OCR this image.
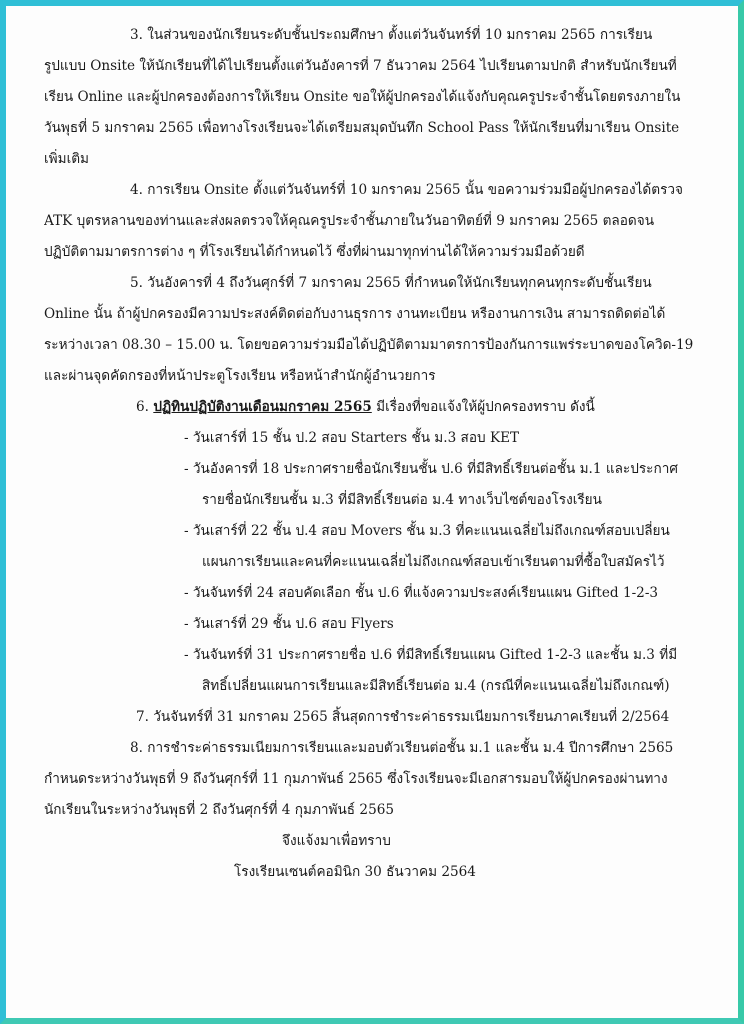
3. ในส่วนของนักเรียนระดับชั้นประถมศึกษา ตั้งแต่วันจันทร์ที่ 10 มกราคม 2565 การเรียน
รูปแบบ Onsite ให้นักเรียนที่ได้ไปเรียนตั้งแต่วันอังคารที่ 7 ธันวาคม 2564 ไปเรียนตามปกติ สำหรับนักเรียนที่
เรียน Online และผู้ปกครองต้องการให้เรียน Onsite ขอให้ผู้ปกครองได้แจ้งกับคุณครูประจำชั้นโดยตรงภายใน
วันพุธที่ 5 มกราคม 2565 เพื่อทางโรงเรียนจะได้เตรียมสมุดบันทึก School Pass ให้นักเรียนที่มาเรียน Onsite
เพิ่มเติม
4. การเรียน Onsite ตั้งแต่วันจันทร์ที่ 10 มกราคม 2565 นั้น ขอความร่วมมือผู้ปกครองได้ตรวจ
ATK บุตรหลานของท่านและส่งผลตรวจให้คุณครูประจำชั้นภายในวันอาทิตย์ที่ 9 มกราคม 2565 ตลอดจน
ปฏิบัติตามมาตรการต่าง ๆ ที่โรงเรียนได้กำหนดไว้ ซึ่งที่ผ่านมาทุกท่านได้ให้ความร่วมมือด้วยดี
5. วันอังคารที่ 4 ถึงวันศุกร์ที่ 7 มกราคม 2565 ที่กำหนดให้นักเรียนทุกคนทุกระดับชั้นเรียน
Online นั้น ถ้าผู้ปกครองมีความประสงค์ติดต่อกับงานธุรการ งานทะเบียน หรืองานการเงิน สามารถติดต่อได้
ระหว่างเวลา 08.30 – 15.00 น. โดยขอความร่วมมือได้ปฏิบัติตามมาตรการป้องกันการแพร่ระบาดของโควิด-19
และผ่านจุดคัดกรองที่หน้าประตูโรงเรียน หรือหน้าสำนักผู้อำนวยการ
6. ปฏิทินปฏิบัติงานเดือนมกราคม 2565 มีเรื่องที่ขอแจ้งให้ผู้ปกครองทราบ ดังนี้
- วันเสาร์ที่ 15 ชั้น ป.2 สอบ Starters ชั้น ม.3 สอบ KET
- วันอังคารที่ 18 ประกาศรายชื่อนักเรียนชั้น ป.6 ที่มีสิทธิ์เรียนต่อชั้น ม.1 และประกาศ
รายชื่อนักเรียนชั้น ม.3 ที่มีสิทธิ์เรียนต่อ ม.4 ทางเว็บไซต์ของโรงเรียน
- วันเสาร์ที่ 22 ชั้น ป.4 สอบ Movers ชั้น ม.3 ที่คะแนนเฉลี่ยไม่ถึงเกณฑ์สอบเปลี่ยน
แผนการเรียนและคนที่คะแนนเฉลี่ยไม่ถึงเกณฑ์สอบเข้าเรียนตามที่ซื้อใบสมัครไว้
- วันจันทร์ที่ 24 สอบคัดเลือก ชั้น ป.6 ที่แจ้งความประสงค์เรียนแผน Gifted 1-2-3
- วันเสาร์ที่ 29 ชั้น ป.6 สอบ Flyers
- วันจันทร์ที่ 31 ประกาศรายชื่อ ป.6 ที่มีสิทธิ์เรียนแผน Gifted 1-2-3 และชั้น ม.3 ที่มี
สิทธิ์เปลี่ยนแผนการเรียนและมีสิทธิ์เรียนต่อ ม.4 (กรณีที่คะแนนเฉลี่ยไม่ถึงเกณฑ์)
7. วันจันทร์ที่ 31 มกราคม 2565 สิ้นสุดการชำระค่าธรรมเนียมการเรียนภาคเรียนที่ 2/2564
8. การชำระค่าธรรมเนียมการเรียนและมอบตัวเรียนต่อชั้น ม.1 และชั้น ม.4 ปีการศึกษา 2565
กำหนดระหว่างวันพุธที่ 9 ถึงวันศุกร์ที่ 11 กุมภาพันธ์ 2565 ซึ่งโรงเรียนจะมีเอกสารมอบให้ผู้ปกครองผ่านทาง
นักเรียนในระหว่างวันพุธที่ 2 ถึงวันศุกร์ที่ 4 กุมภาพันธ์ 2565
จึงแจ้งมาเพื่อทราบ
โรงเรียนเซนต์คอมินิก 30 ธันวาคม 2564
